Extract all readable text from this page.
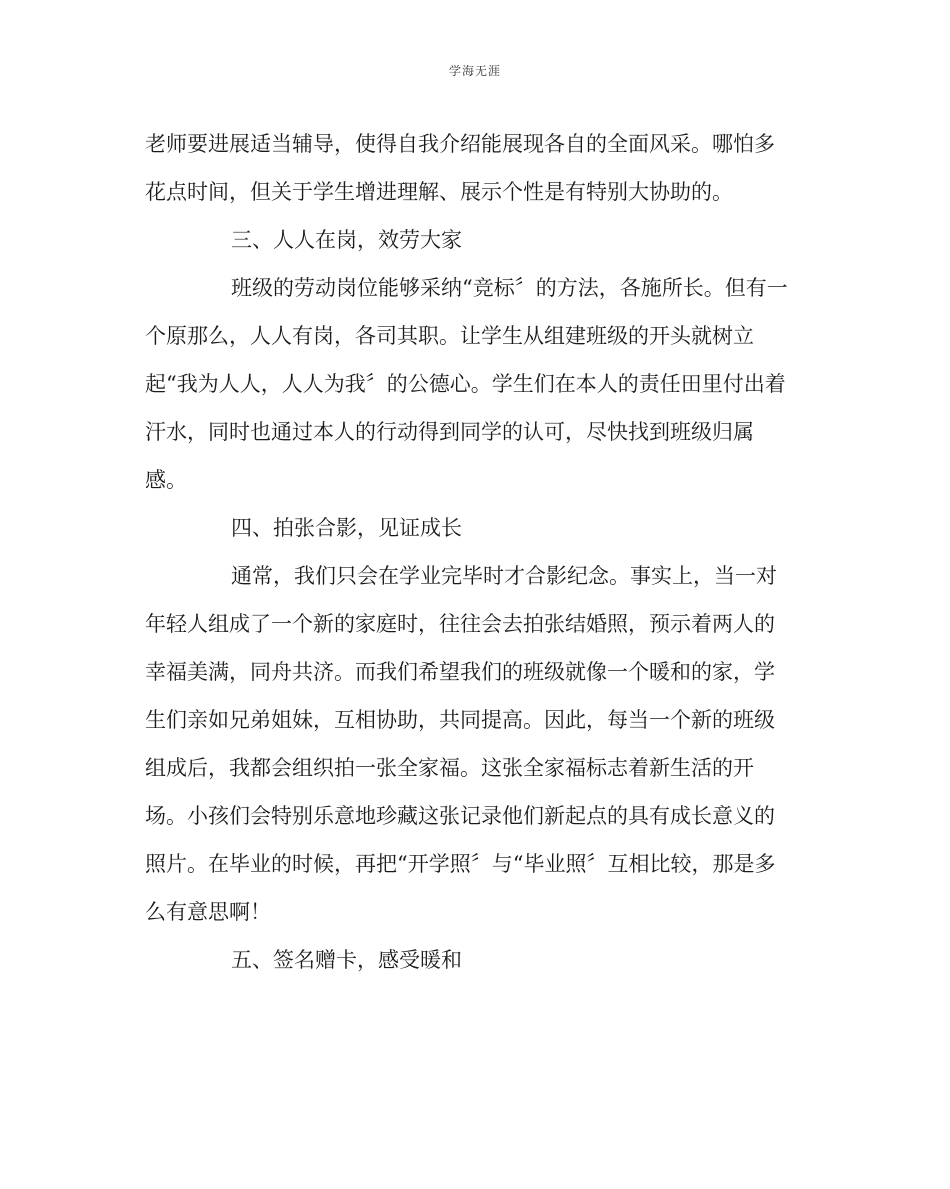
学海无涯
老师要进展适当辅导，使得自我介绍能展现各自的全面风采。哪怕多
花点时间，但关于学生增进理解、展示个性是有特别大协助的。
三、人人在岗，效劳大家
班级的劳动岗位能够采纳“竞标〞的方法，各施所长。但有一
个原那么，人人有岗，各司其职。让学生从组建班级的开头就树立
起“我为人人，人人为我〞的公德心。学生们在本人的责任田里付出着
汗水，同时也通过本人的行动得到同学的认可，尽快找到班级归属
感。
四、拍张合影，见证成长
通常，我们只会在学业完毕时才合影纪念。事实上，当一对
年轻人组成了一个新的家庭时，往往会去拍张结婚照，预示着两人的
幸福美满，同舟共济。而我们希望我们的班级就像一个暖和的家，学
生们亲如兄弟姐妹，互相协助，共同提高。因此，每当一个新的班级
组成后，我都会组织拍一张全家福。这张全家福标志着新生活的开
场。小孩们会特别乐意地珍藏这张记录他们新起点的具有成长意义的
照片。在毕业的时候，再把“开学照〞与“毕业照〞互相比较，那是多
么有意思啊！
五、签名赠卡，感受暖和
